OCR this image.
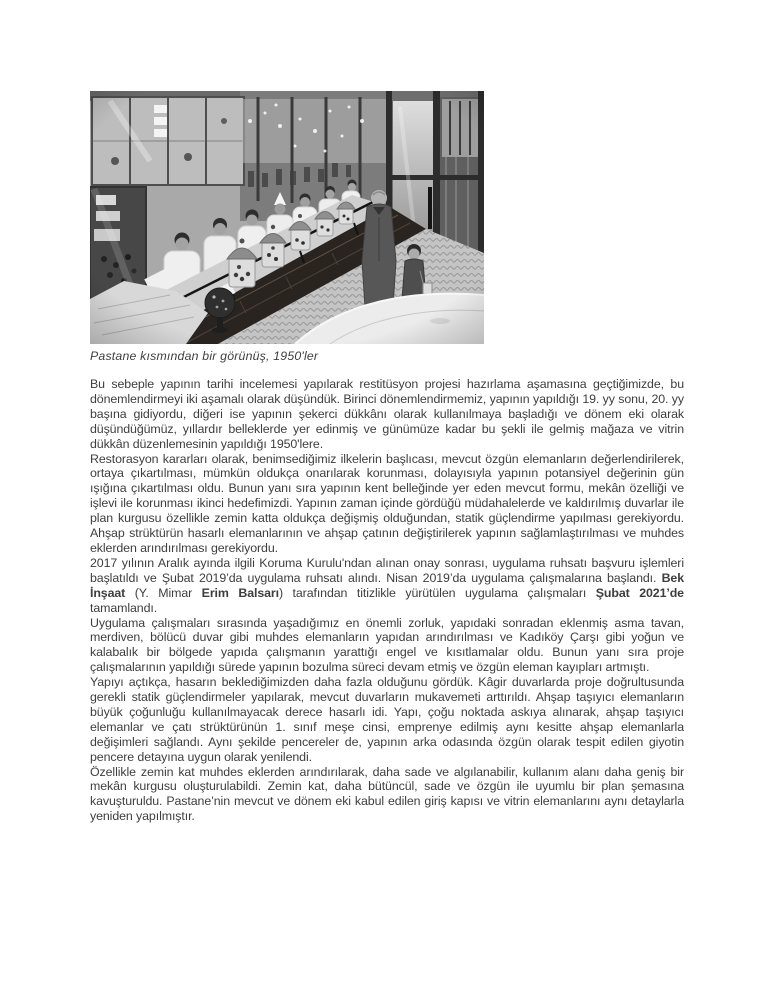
Pastane kısmından bir görünüş, 1950'ler

Bu sebeple yapının tarihi incelemesi yapılarak restitüsyon projesi hazırlama aşamasına geçtiğimizde, bu dönemlendirmeyi iki aşamalı olarak düşündük. Birinci dönemlendirmemiz, yapının yapıldığı 19. yy sonu, 20. yy başına gidiyordu, diğeri ise yapının şekerci dükkânı olarak kullanılmaya başladığı ve dönem eki olarak düşündüğümüz, yıllardır belleklerde yer edinmiş ve günümüze kadar bu şekli ile gelmiş mağaza ve vitrin dükkân düzenlemesinin yapıldığı 1950'lere.

Restorasyon kararları olarak, benimsediğimiz ilkelerin başlıcası, mevcut özgün elemanların değerlendirilerek, ortaya çıkartılması, mümkün oldukça onarılarak korunması, dolayısıyla yapının potansiyel değerinin gün ışığına çıkartılması oldu. Bunun yanı sıra yapının kent belleğinde yer eden mevcut formu, mekân özelliği ve işlevi ile korunması ikinci hedefimizdi. Yapının zaman içinde gördüğü müdahalelerde ve kaldırılmış duvarlar ile plan kurgusu özellikle zemin katta oldukça değişmiş olduğundan, statik güçlendirme yapılması gerekiyordu. Ahşap strüktürün hasarlı elemanlarının ve ahşap çatının değiştirilerek yapının sağlamlaştırılması ve muhdes eklerden arındırılması gerekiyordu.

2017 yılının Aralık ayında ilgili Koruma Kurulu'ndan alınan onay sonrası, uygulama ruhsatı başvuru işlemleri başlatıldı ve Şubat 2019’da uygulama ruhsatı alındı. Nisan 2019’da uygulama çalışmalarına başlandı. Bek İnşaat (Y. Mimar Erim Balsarı) tarafından titizlikle yürütülen uygulama çalışmaları Şubat 2021’de tamamlandı.

Uygulama çalışmaları sırasında yaşadığımız en önemli zorluk, yapıdaki sonradan eklenmiş asma tavan, merdiven, bölücü duvar gibi muhdes elemanların yapıdan arındırılması ve Kadıköy Çarşı gibi yoğun ve kalabalık bir bölgede yapıda çalışmanın yarattığı engel ve kısıtlamalar oldu. Bunun yanı sıra proje çalışmalarının yapıldığı sürede yapının bozulma süreci devam etmiş ve özgün eleman kayıpları artmıştı.

Yapıyı açtıkça, hasarın beklediğimizden daha fazla olduğunu gördük. Kâgir duvarlarda proje doğrultusunda gerekli statik güçlendirmeler yapılarak, mevcut duvarların mukavemeti arttırıldı. Ahşap taşıyıcı elemanların büyük çoğunluğu kullanılmayacak derece hasarlı idi. Yapı, çoğu noktada askıya alınarak, ahşap taşıyıcı elemanlar ve çatı strüktürünün 1. sınıf meşe cinsi, emprenye edilmiş aynı kesitte ahşap elemanlarla değişimleri sağlandı. Aynı şekilde pencereler de, yapının arka odasında özgün olarak tespit edilen giyotin pencere detayına uygun olarak yenilendi.

Özellikle zemin kat muhdes eklerden arındırılarak, daha sade ve algılanabilir, kullanım alanı daha geniş bir mekân kurgusu oluşturulabildi. Zemin kat, daha bütüncül, sade ve özgün ile uyumlu bir plan şemasına kavuşturuldu. Pastane’nin mevcut ve dönem eki kabul edilen giriş kapısı ve vitrin elemanlarını aynı detaylarla yeniden yapılmıştır.
